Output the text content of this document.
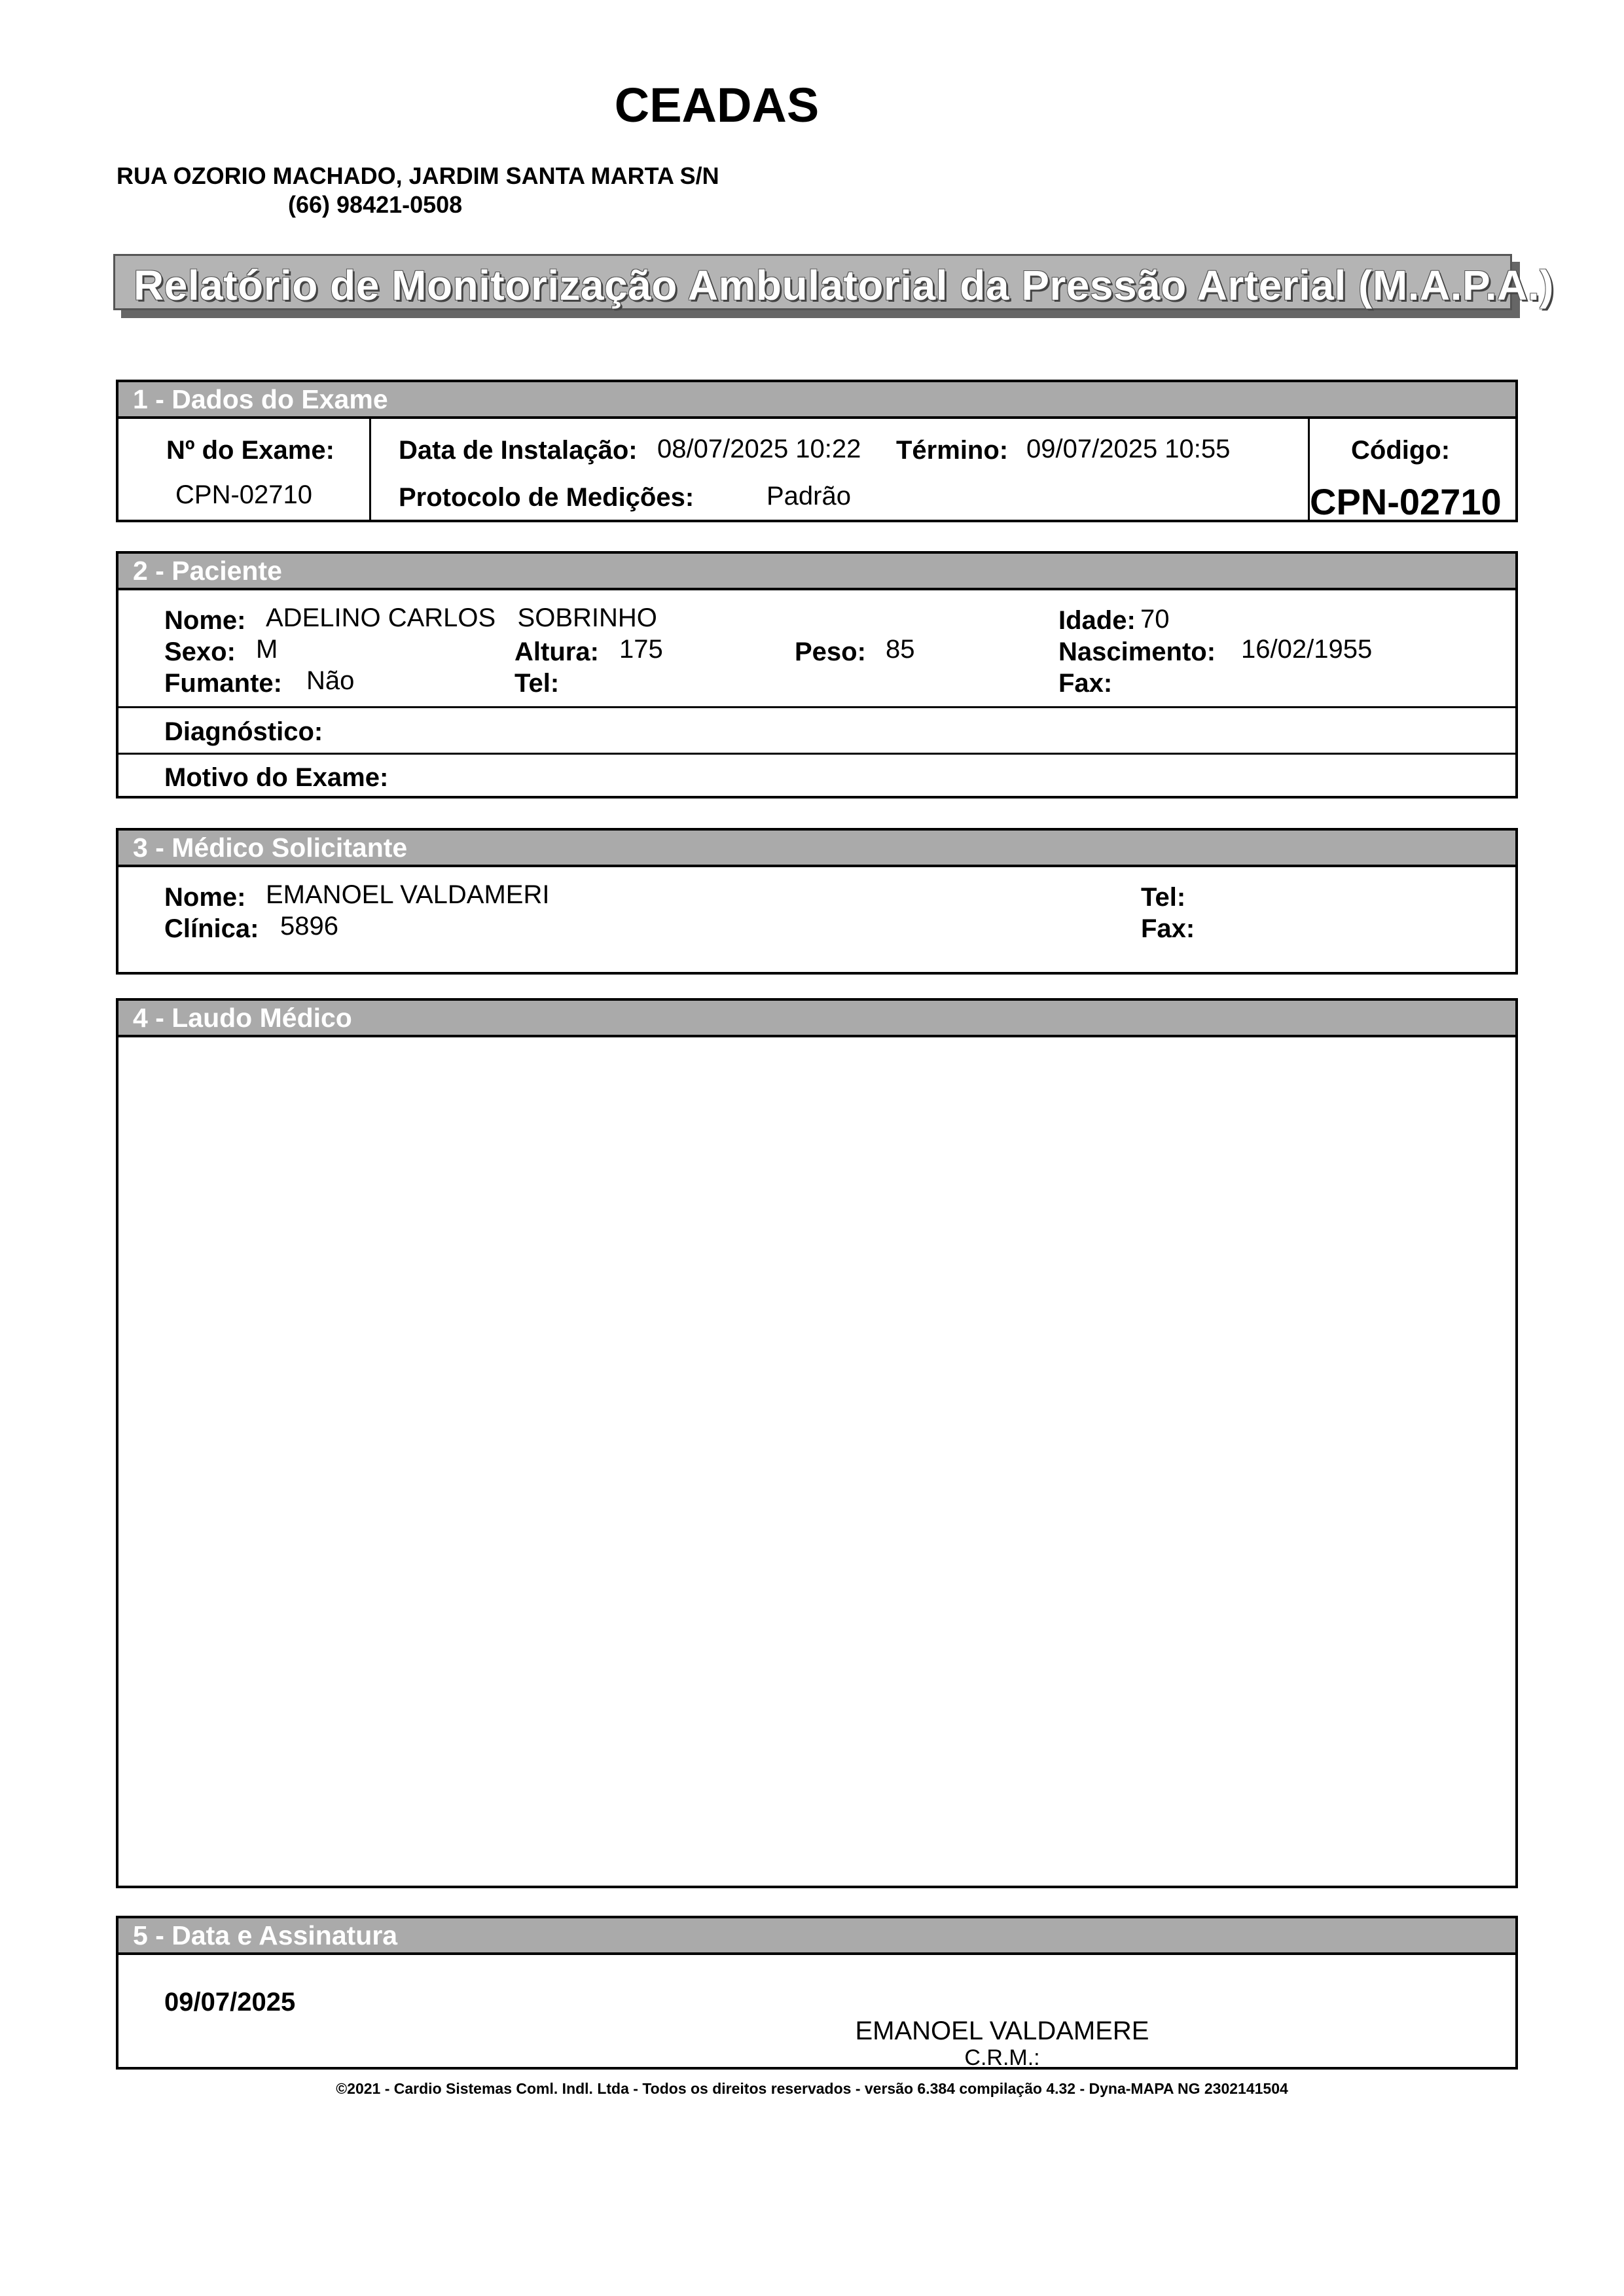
CEADAS
RUA OZORIO MACHADO, JARDIM SANTA MARTA S/N
(66) 98421-0508
Relatório de Monitorização Ambulatorial da Pressão Arterial (M.A.P.A.)
1 - Dados do Exame
Nº do Exame:
CPN-02710
Data de Instalação: 08/07/2025 10:22 Término: 09/07/2025 10:55
Protocolo de Medições:	Padrão
Código:
CPN-02710
2 - Paciente
Nome: ADELINO CARLOS   SOBRINHO	Idade: 70
Sexo: M	Altura: 175	Peso: 85	Nascimento: 16/02/1955
Fumante: Não	Tel:	Fax:
Diagnóstico:
Motivo do Exame:
3 - Médico Solicitante
Nome: EMANOEL VALDAMERI	Tel:
Clínica: 5896	Fax:
4 - Laudo Médico
5 - Data e Assinatura
09/07/2025
EMANOEL VALDAMERE
C.R.M.:
©2021 - Cardio Sistemas Coml. Indl. Ltda - Todos os direitos reservados - versão 6.384 compilação 4.32 - Dyna-MAPA NG 2302141504
